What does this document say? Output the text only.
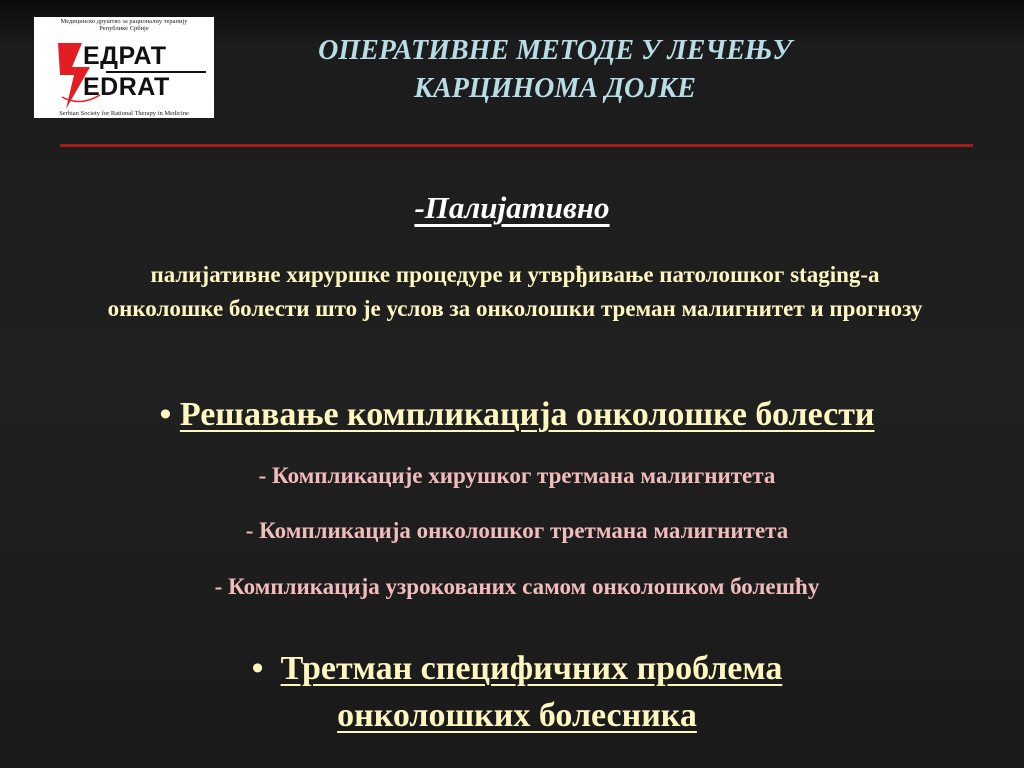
Медицинско друштво за рационалну терапију
Републике Србије
ЕДРАТ
EDRAT
Serbian Society for Rational Therapy in Medicine
ОПЕРАТИВНЕ МЕТОДЕ У ЛЕЧЕЊУ КАРЦИНОМА ДОЈКЕ
-Палијативно
палијативне хируршке процедуре и утврђивање патолошког staging-а онколошке болести што је услов за онколошки треман малигнитет и прогнозу
• Решавање компликација онколошке болести
- Компликације хирушког третмана малигнитета
- Компликација онколошког третмана малигнитета
- Компликација узрокованих самом онколошком болешћу
• Третман специфичних проблема
онколошких болесника
